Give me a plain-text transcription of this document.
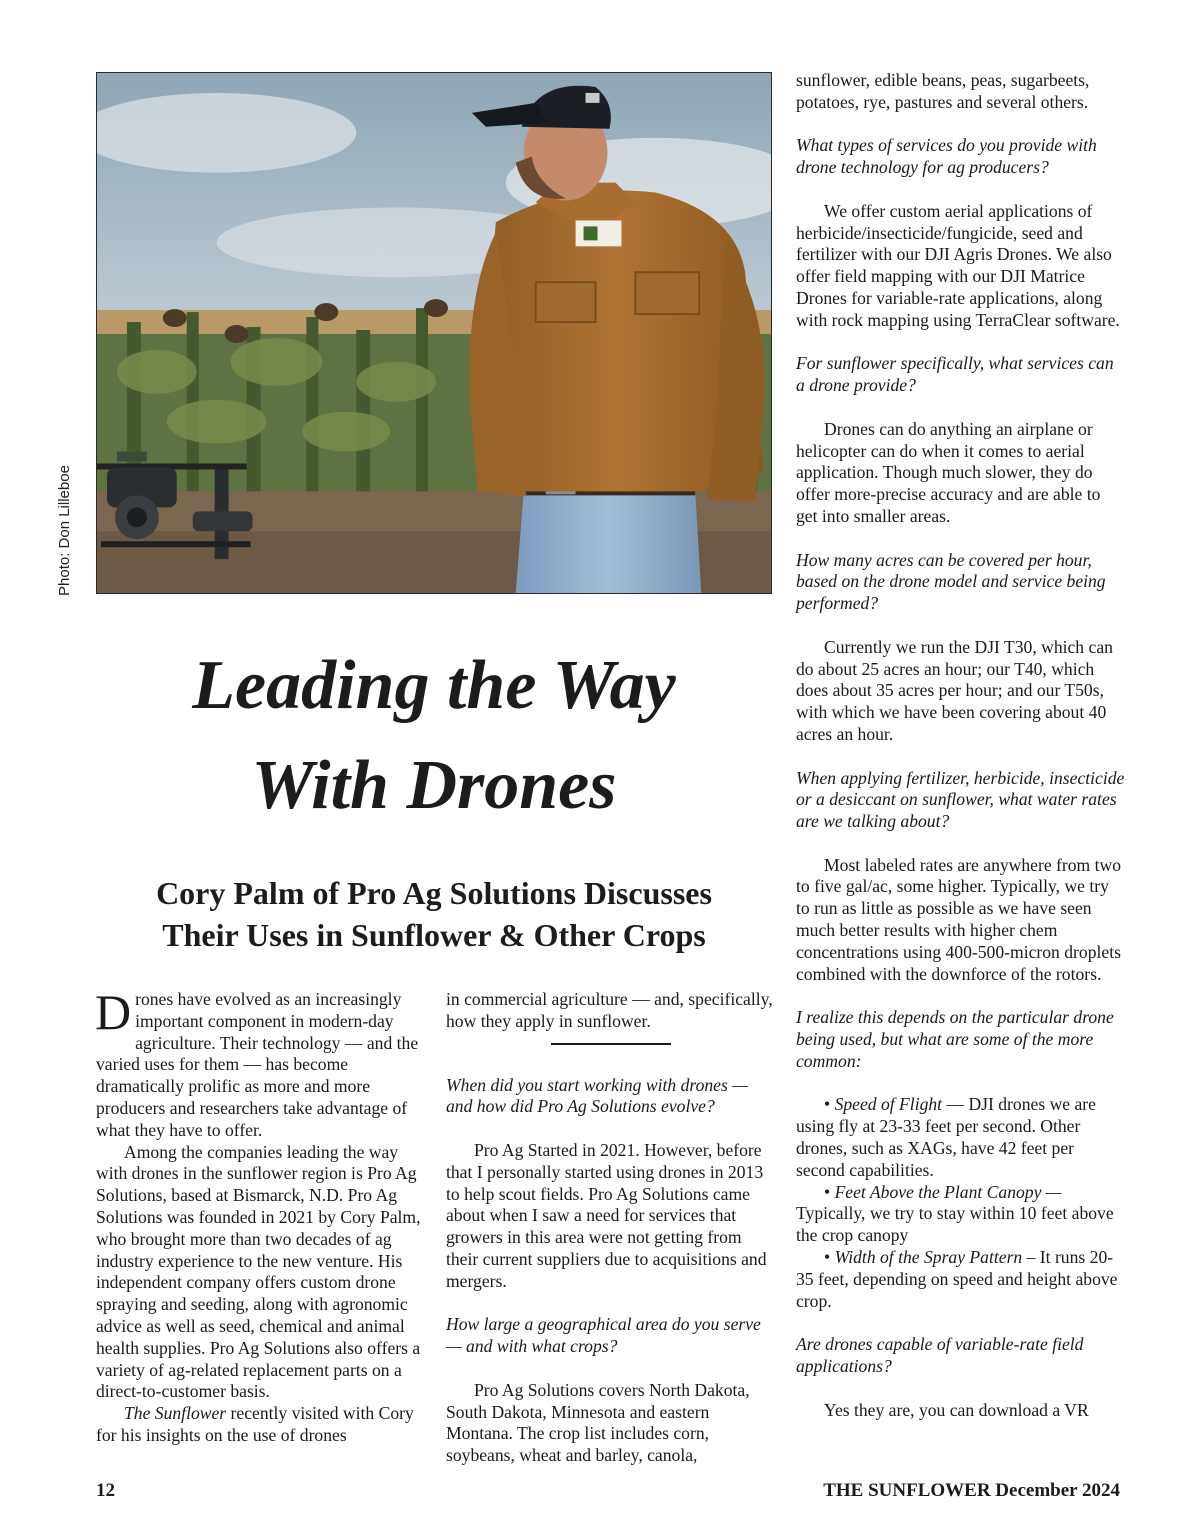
Photo: Don Lilleboe
Leading the Way
With Drones
Cory Palm of Pro Ag Solutions Discusses
Their Uses in Sunflower & Other Crops

Drones have evolved as an increasingly important component in modern-day agriculture. Their technology — and the varied uses for them — has become dramatically prolific as more and more producers and researchers take advantage of what they have to offer.

Among the companies leading the way with drones in the sunflower region is Pro Ag Solutions, based at Bismarck, N.D. Pro Ag Solutions was founded in 2021 by Cory Palm, who brought more than two decades of ag industry experience to the new venture. His independent company offers custom drone spraying and seeding, along with agronomic advice as well as seed, chemical and animal health supplies. Pro Ag Solutions also offers a variety of ag-related replacement parts on a direct-to-customer basis.

The Sunflower recently visited with Cory for his insights on the use of drones

in commercial agriculture — and, specifically, how they apply in sunflower.

When did you start working with drones — and how did Pro Ag Solutions evolve?

Pro Ag Started in 2021. However, before that I personally started using drones in 2013 to help scout fields. Pro Ag Solutions came about when I saw a need for services that growers in this area were not getting from their current suppliers due to acquisitions and mergers.

How large a geographical area do you serve — and with what crops?

Pro Ag Solutions covers North Dakota, South Dakota, Minnesota and eastern Montana. The crop list includes corn, soybeans, wheat and barley, canola,

sunflower, edible beans, peas, sugarbeets, potatoes, rye, pastures and several others.

What types of services do you provide with drone technology for ag producers?

We offer custom aerial applications of herbicide/insecticide/fungicide, seed and fertilizer with our DJI Agris Drones. We also offer field mapping with our DJI Matrice Drones for variable-rate applications, along with rock mapping using TerraClear software.

For sunflower specifically, what services can a drone provide?

Drones can do anything an airplane or helicopter can do when it comes to aerial application. Though much slower, they do offer more-precise accuracy and are able to get into smaller areas.

How many acres can be covered per hour, based on the drone model and service being performed?

Currently we run the DJI T30, which can do about 25 acres an hour; our T40, which does about 35 acres per hour; and our T50s, with which we have been covering about 40 acres an hour.

When applying fertilizer, herbicide, insecticide or a desiccant on sunflower, what water rates are we talking about?

Most labeled rates are anywhere from two to five gal/ac, some higher. Typically, we try to run as little as possible as we have seen much better results with higher chem concentrations using 400-500-micron droplets combined with the downforce of the rotors.

I realize this depends on the particular drone being used, but what are some of the more common:

• Speed of Flight — DJI drones we are using fly at 23-33 feet per second. Other drones, such as XAGs, have 42 feet per second capabilities.

• Feet Above the Plant Canopy — Typically, we try to stay within 10 feet above the crop canopy

• Width of the Spray Pattern – It runs 20-35 feet, depending on speed and height above crop.

Are drones capable of variable-rate field applications?

Yes they are, you can download a VR

12	THE SUNFLOWER December 2024
